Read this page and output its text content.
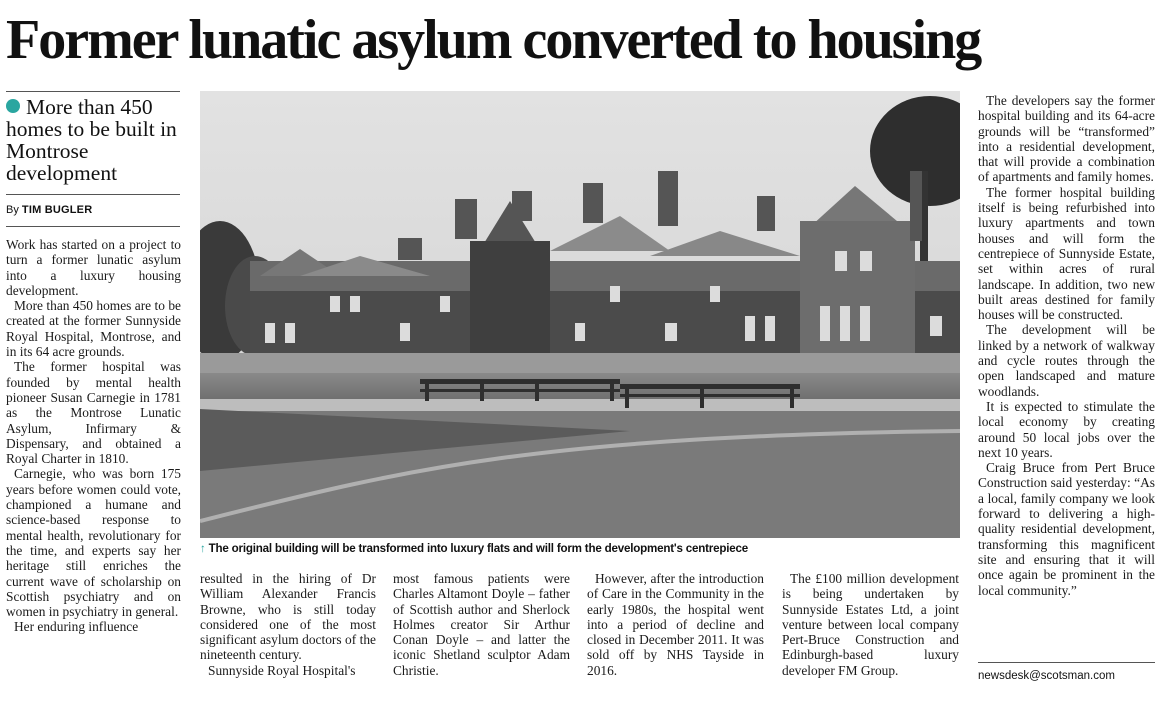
Former lunatic asylum converted to housing
More than 450 homes to be built in Montrose development
By TIM BUGLER

Work has started on a project to turn a former lunatic asylum into a luxury housing development.

More than 450 homes are to be created at the former Sunnyside Royal Hospital, Montrose, and in its 64 acre grounds.

The former hospital was founded by mental health pioneer Susan Carnegie in 1781 as the Montrose Lunatic Asylum, Infirmary & Dispensary, and obtained a Royal Charter in 1810.

Carnegie, who was born 175 years before women could vote, championed a humane and science-based response to mental health, revolutionary for the time, and experts say her heritage still enriches the current wave of scholarship on Scottish psychiatry and on women in psychiatry in general.

Her enduring influence

↑ The original building will be transformed into luxury flats and will form the development's centrepiece

resulted in the hiring of Dr William Alexander Francis Browne, who is still today considered one of the most significant asylum doctors of the nineteenth century.

Sunnyside Royal Hospital's

most famous patients were Charles Altamont Doyle – father of Scottish author and Sherlock Holmes creator Sir Arthur Conan Doyle – and latter the iconic Shetland sculptor Adam Christie.

However, after the introduction of Care in the Community in the early 1980s, the hospital went into a period of decline and closed in December 2011. It was sold off by NHS Tayside in 2016.

The £100 million development is being undertaken by Sunnyside Estates Ltd, a joint venture between local company Pert-Bruce Construction and Edinburgh-based luxury developer FM Group.

The developers say the former hospital building and its 64-acre grounds will be “transformed” into a residential development, that will provide a combination of apartments and family homes.

The former hospital building itself is being refurbished into luxury apartments and town houses and will form the centrepiece of Sunnyside Estate, set within acres of rural landscape. In addition, two new built areas destined for family houses will be constructed.

The development will be linked by a network of walkway and cycle routes through the open landscaped and mature woodlands.

It is expected to stimulate the local economy by creating around 50 local jobs over the next 10 years.

Craig Bruce from Pert Bruce Construction said yesterday: “As a local, family company we look forward to delivering a high-quality residential development, transforming this magnificent site and ensuring that it will once again be prominent in the local community.”

newsdesk@scotsman.com
